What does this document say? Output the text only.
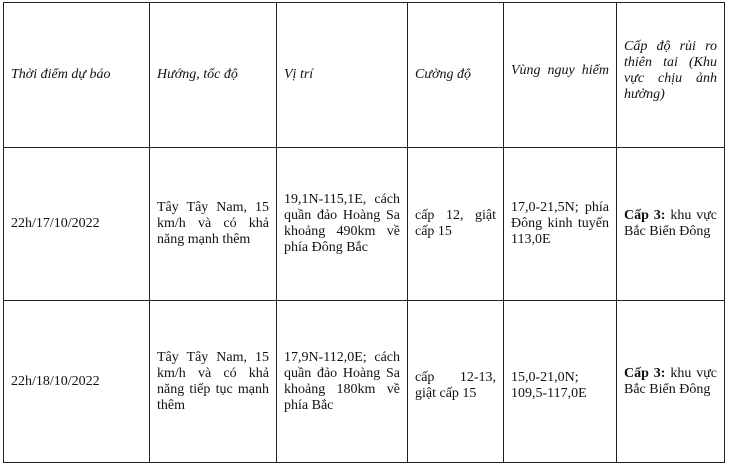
Thời điểm dự báo	Hướng, tốc độ	Vị trí	Cường độ	Vùng nguy hiểm	Cấp độ rủi ro thiên tai (Khu vực chịu ảnh hưởng)

22h/17/10/2022	Tây Tây Nam, 15 km/h và có khả năng mạnh thêm	19,1N-115,1E, cách quần đảo Hoàng Sa khoảng 490km về phía Đông Bắc	cấp 12, giật cấp 15	17,0-21,5N; phía Đông kinh tuyến 113,0E	Cấp 3: khu vực Bắc Biển Đông
22h/18/10/2022	Tây Tây Nam, 15 km/h và có khả năng tiếp tục mạnh thêm	17,9N-112,0E; cách quần đảo Hoàng Sa khoảng 180km về phía Bắc	cấp 12-13, giật cấp 15	15,0-21,0N; 109,5-117,0E	Cấp 3: khu vực Bắc Biển Đông
